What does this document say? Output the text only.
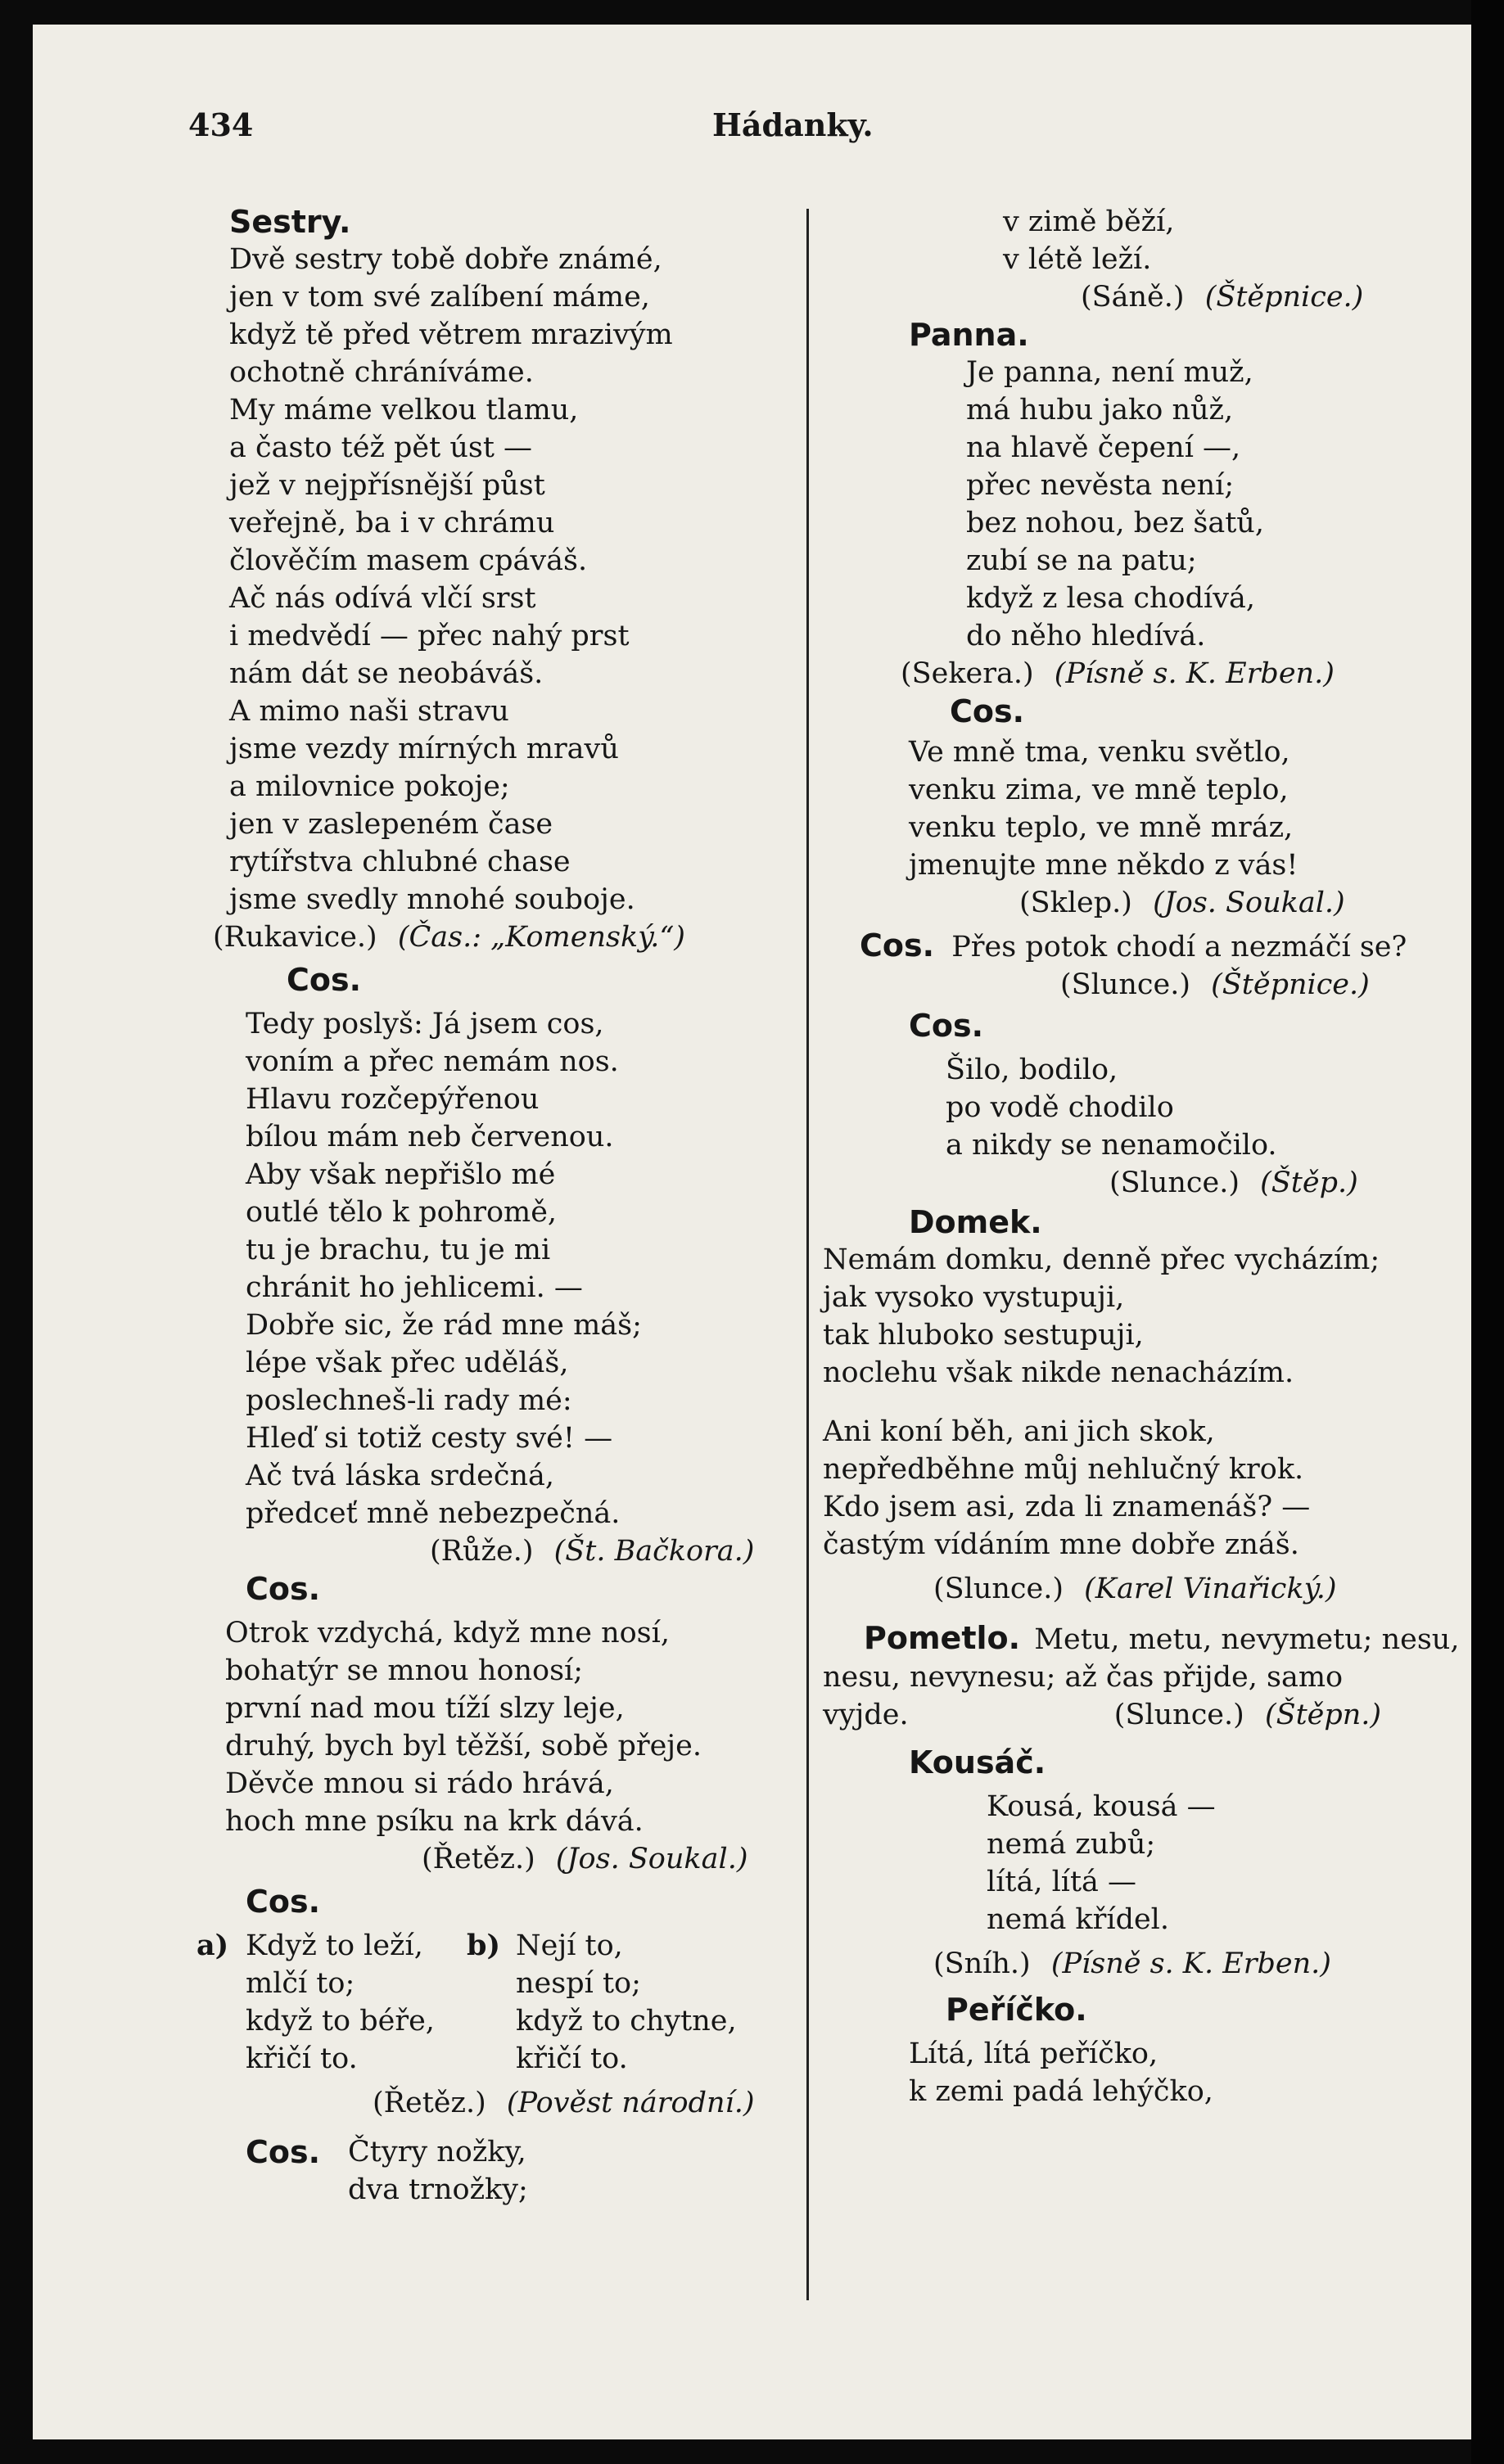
434	Hádanky.
Sestry.
Dvě sestry tobě dobře známé,
jen v tom své zalíbení máme,
když tě před větrem mrazivým
ochotně chráníváme.
My máme velkou tlamu,
a často též pět úst —
jež v nejpřísnější půst
veřejně, ba i v chrámu
člověčím masem cpáváš.
Ač nás odívá vlčí srst
i medvědí — přec nahý prst
nám dát se neobáváš.
A mimo naši stravu
jsme vezdy mírných mravů
a milovnice pokoje;
jen v zaslepeném čase
rytířstva chlubné chase
jsme svedly mnohé souboje.
(Rukavice.) (Čas.: „Komenský.“)
Cos.
Tedy poslyš: Já jsem cos,
voním a přec nemám nos.
Hlavu rozčepýřenou
bílou mám neb červenou.
Aby však nepřišlo mé
outlé tělo k pohromě,
tu je brachu, tu je mi
chránit ho jehlicemi. —
Dobře sic, že rád mne máš;
lépe však přec uděláš,
poslechneš-li rady mé:
Hleď si totiž cesty své! —
Ač tvá láska srdečná,
předceť mně nebezpečná.
(Růže.) (Št. Bačkora.)
Cos.
Otrok vzdychá, když mne nosí,
bohatýr se mnou honosí;
první nad mou tíží slzy leje,
druhý, bych byl těžší, sobě přeje.
Děvče mnou si rádo hrává,
hoch mne psíku na krk dává.
(Řetěz.) (Jos. Soukal.)
Cos.
a) Když to leží,
mlčí to;
když to béře,
křičí to.
b) Nejí to,
nespí to;
když to chytne,
křičí to.
(Řetěz.) (Pověst národní.)
Cos. Čtyry nožky,
dva trnožky;
v zimě běží,
v létě leží.
(Sáně.) (Štěpnice.)
Panna.
Je panna, není muž,
má hubu jako nůž,
na hlavě čepení —,
přec nevěsta není;
bez nohou, bez šatů,
zubí se na patu;
když z lesa chodívá,
do něho hledívá.
(Sekera.) (Písně s. K. Erben.)
Cos.
Ve mně tma, venku světlo,
venku zima, ve mně teplo,
venku teplo, ve mně mráz,
jmenujte mne někdo z vás!
(Sklep.) (Jos. Soukal.)
Cos. Přes potok chodí a nezmáčí se?
(Slunce.) (Štěpnice.)
Cos.
Šilo, bodilo,
po vodě chodilo
a nikdy se nenamočilo.
(Slunce.) (Štěp.)
Domek.
Nemám domku, denně přec vycházím;
jak vysoko vystupuji,
tak hluboko sestupuji,
noclehu však nikde nenacházím.
Ani koní běh, ani jich skok,
nepředběhne můj nehlučný krok.
Kdo jsem asi, zda li znamenáš? —
častým vídáním mne dobře znáš.
(Slunce.) (Karel Vinařický.)
Pometlo. Metu, metu, nevymetu; nesu,
nesu, nevynesu; až čas přijde, samo
vyjde.	(Slunce.) (Štěpn.)
Kousáč.
Kousá, kousá —
nemá zubů;
lítá, lítá —
nemá křídel.
(Sníh.) (Písně s. K. Erben.)
Peříčko.
Lítá, lítá peříčko,
k zemi padá lehýčko,
